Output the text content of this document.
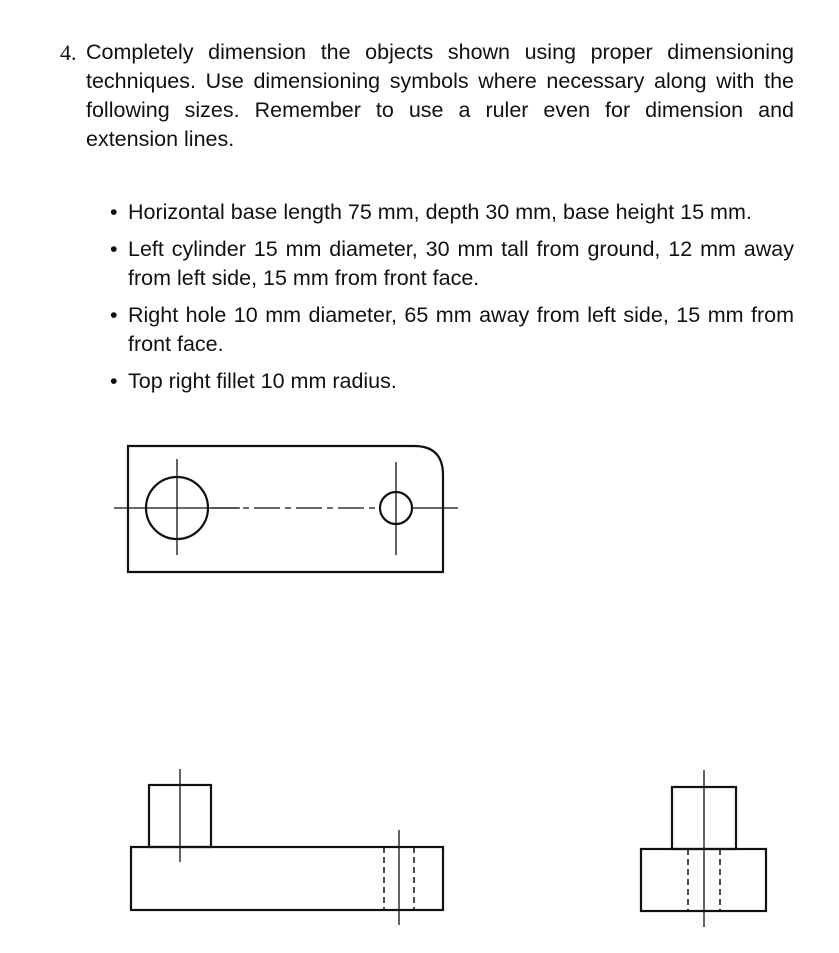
4. Completely dimension the objects shown using proper dimensioning techniques. Use dimensioning symbols where necessary along with the following sizes. Remember to use a ruler even for dimension and extension lines.
• Horizontal base length 75 mm, depth 30 mm, base height 15 mm.
• Left cylinder 15 mm diameter, 30 mm tall from ground, 12 mm away from left side, 15 mm from front face.
• Right hole 10 mm diameter, 65 mm away from left side, 15 mm from front face.
• Top right fillet 10 mm radius.
